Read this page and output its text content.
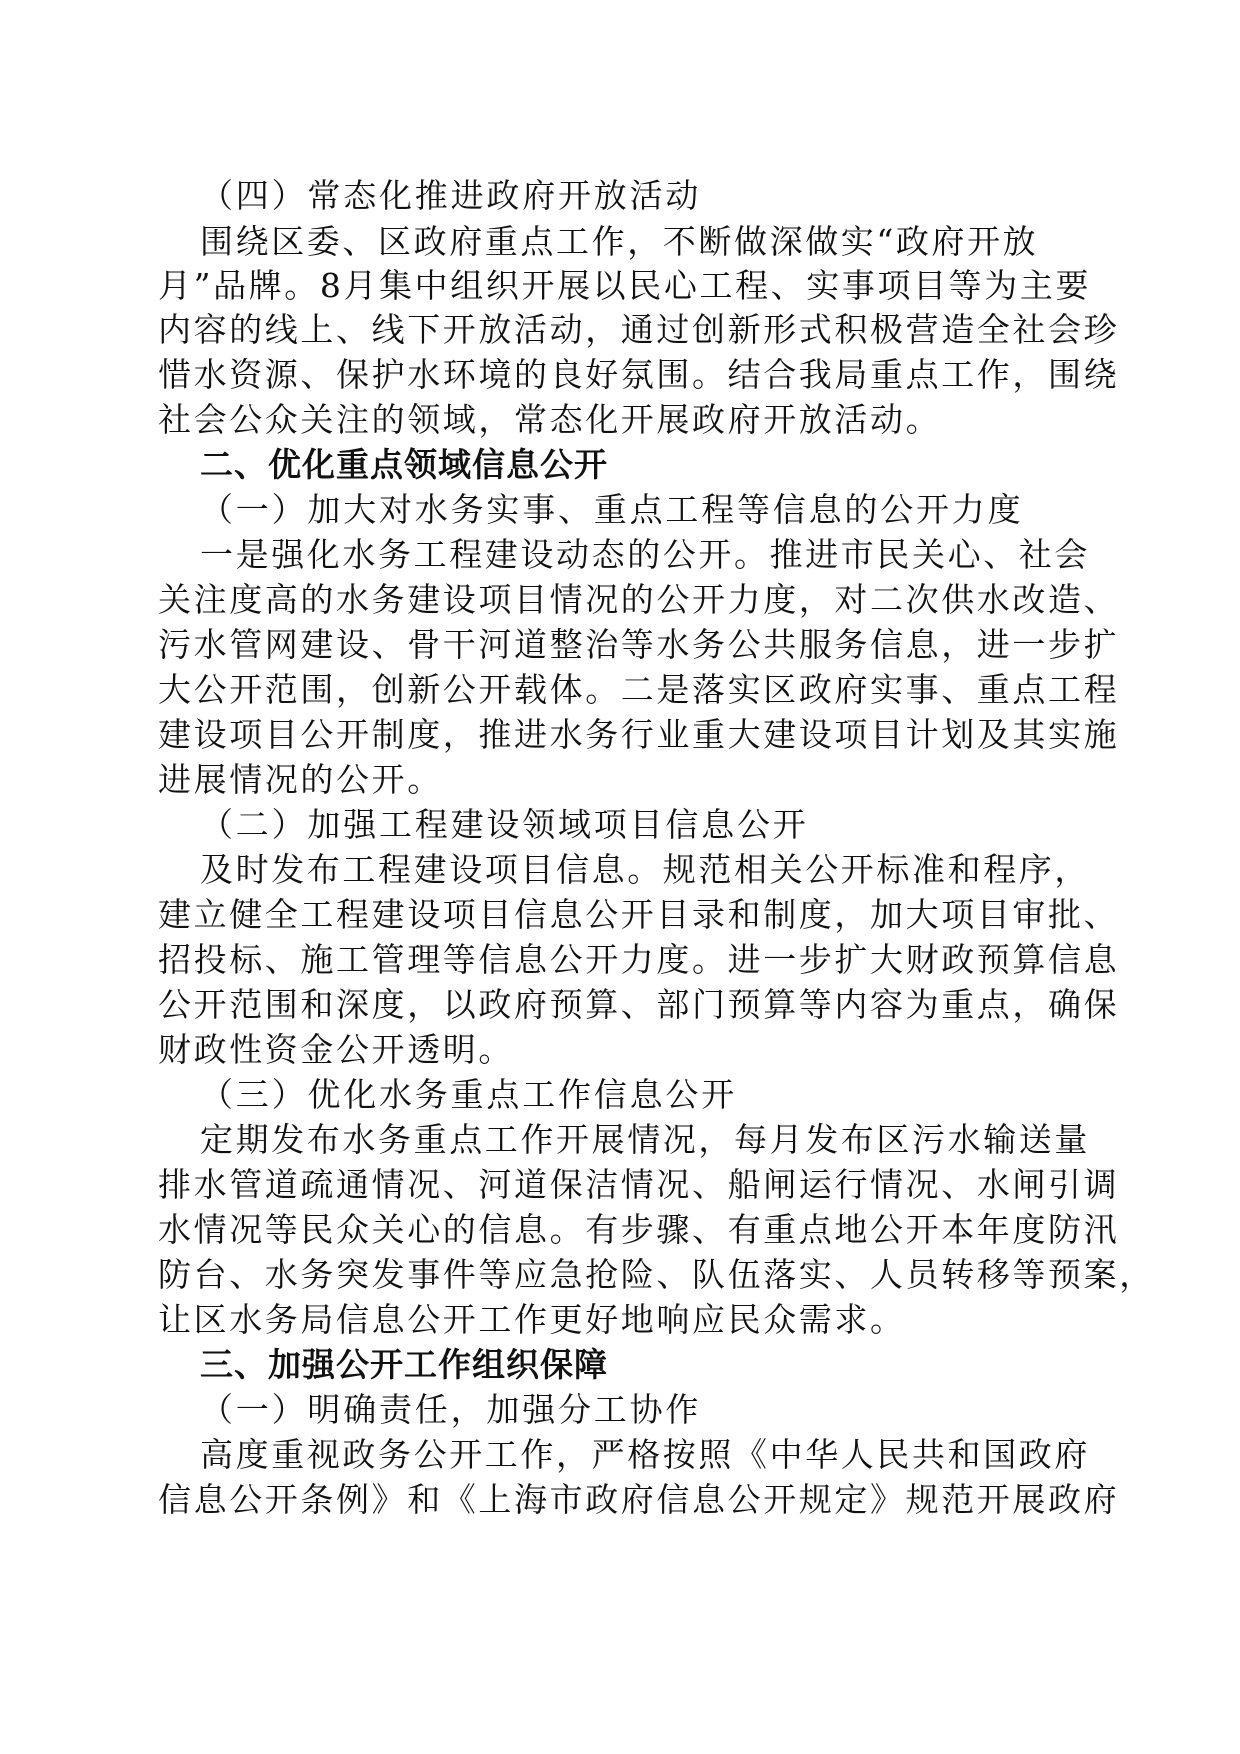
（四）常态化推进政府开放活动

围绕区委、区政府重点工作，不断做深做实“政府开放

月”品牌。8月集中组织开展以民心工程、实事项目等为主要

内容的线上、线下开放活动，通过创新形式积极营造全社会珍

惜水资源、保护水环境的良好氛围。结合我局重点工作，围绕

社会公众关注的领域，常态化开展政府开放活动。

二、优化重点领域信息公开

（一）加大对水务实事、重点工程等信息的公开力度

一是强化水务工程建设动态的公开。推进市民关心、社会

关注度高的水务建设项目情况的公开力度，对二次供水改造、

污水管网建设、骨干河道整治等水务公共服务信息，进一步扩

大公开范围，创新公开载体。二是落实区政府实事、重点工程

建设项目公开制度，推进水务行业重大建设项目计划及其实施

进展情况的公开。

（二）加强工程建设领域项目信息公开

及时发布工程建设项目信息。规范相关公开标准和程序，

建立健全工程建设项目信息公开目录和制度，加大项目审批、

招投标、施工管理等信息公开力度。进一步扩大财政预算信息

公开范围和深度，以政府预算、部门预算等内容为重点，确保

财政性资金公开透明。

（三）优化水务重点工作信息公开

定期发布水务重点工作开展情况，每月发布区污水输送量

排水管道疏通情况、河道保洁情况、船闸运行情况、水闸引调

水情况等民众关心的信息。有步骤、有重点地公开本年度防汛

防台、水务突发事件等应急抢险、队伍落实、人员转移等预案，

让区水务局信息公开工作更好地响应民众需求。

三、加强公开工作组织保障

（一）明确责任，加强分工协作

高度重视政务公开工作，严格按照《中华人民共和国政府

信息公开条例》和《上海市政府信息公开规定》规范开展政府
